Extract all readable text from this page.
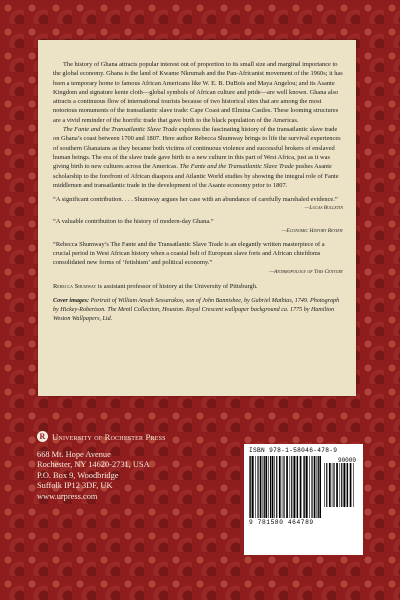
The history of Ghana attracts popular interest out of proportion to its small size and marginal importance to the global economy. Ghana is the land of Kwame Nkrumah and the Pan-Africanist movement of the 1960s; it has been a temporary home to famous African Americans like W. E. B. DuBois and Maya Angelou; and its Asante Kingdom and signature kente cloth—global symbols of African culture and pride—are well known. Ghana also attracts a continuous flow of international tourists because of two historical sites that are among the most notorious monuments of the transatlantic slave trade: Cape Coast and Elmina Castles. These looming structures are a vivid reminder of the horrific trade that gave birth to the black population of the Americas.

The Fante and the Transatlantic Slave Trade explores the fascinating history of the transatlantic slave trade on Ghana’s coast between 1700 and 1807. Here author Rebecca Shumway brings to life the survival experiences of southern Ghanaians as they became both victims of continuous violence and successful brokers of enslaved human beings. The era of the slave trade gave birth to a new culture in this part of West Africa, just as it was giving birth to new cultures across the Americas. The Fante and the Transatlantic Slave Trade pushes Asante scholarship to the forefront of African diaspora and Atlantic World studies by showing the integral role of Fante middlemen and transatlantic trade in the development of the Asante economy prior to 1807.

“A significant contribution. . . . Shumway argues her case with an abundance of carefully marshaled evidence.”
—Lucas Bulletin
“A valuable contribution to the history of modern-day Ghana.”
—Economic History Review
“Rebecca Shumway’s The Fante and the Transatlantic Slave Trade is an elegantly written masterpiece of a crucial period in West African history when a coastal belt of European slave forts and African chiefdoms consolidated new forms of ‘fetishism’ and political economy.”
—Anthropology of This Century

Rebecca Shumway is assistant professor of history at the University of Pittsburgh.

Cover images: Portrait of William Ansah Sessarakoo, son of John Bannishee, by Gabriel Mathias, 1749. Photograph by Hickey-Robertson. The Menil Collection, Houston. Royal Crescent wallpaper background ca. 1775 by Hamilton Weston Wallpapers, Ltd.

R University of Rochester Press
668 Mt. Hope Avenue
Rochester, NY 14620-2731, USA
P.O. Box 9, Woodbridge
Suffolk IP12 3DF, UK
www.urpress.com
ISBN 978-1-58046-478-9
90000
9 781580 464789
